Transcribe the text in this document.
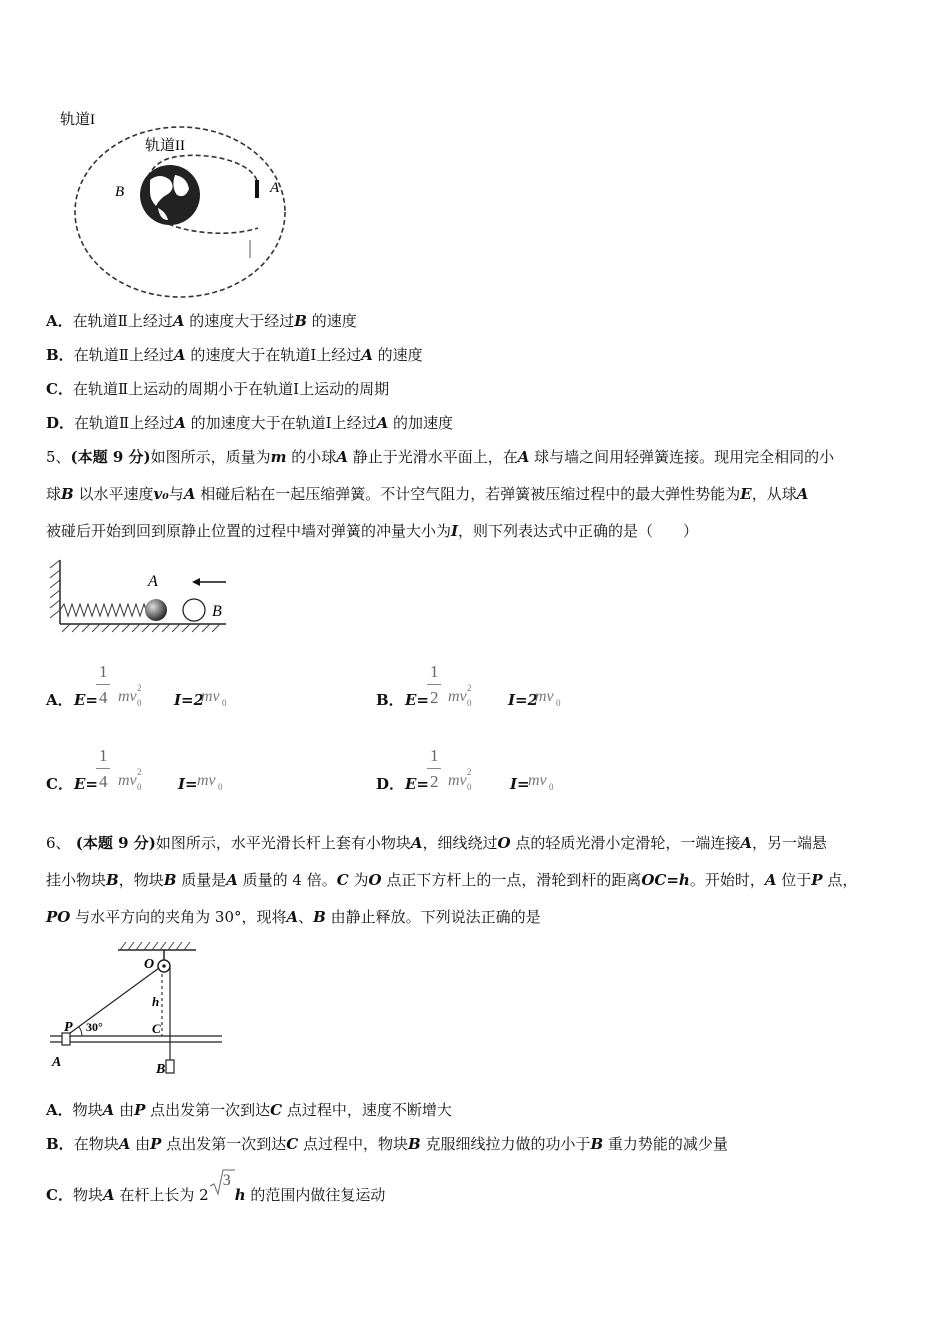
轨道I
轨道II
B	A
A．在轨道Ⅱ上经过A 的速度大于经过B 的速度
B．在轨道Ⅱ上经过A 的速度大于在轨道Ⅰ上经过A 的速度
C．在轨道Ⅱ上运动的周期小于在轨道Ⅰ上运动的周期
D．在轨道Ⅱ上经过A 的加速度大于在轨道Ⅰ上经过A 的加速度
5、(本题 9 分)如图所示，质量为m 的小球A 静止于光滑水平面上，在A 球与墙之间用轻弹簧连接。现用完全相同的小
球B 以水平速度v₀与A 相碰后粘在一起压缩弹簧。不计空气阻力，若弹簧被压缩过程中的最大弹性势能为E，从球A
被碰后开始到回到原静止位置的过程中墙对弹簧的冲量大小为I，则下列表达式中正确的是（　　）
A
B
A． E=
1
4 mv 2
0 I=2
mv 0	B． E=
1
2 mv 2
0 I=2
mv 0
C． E=
1
4 mv 2
0 I= mv 0	D． E=
1
2 mv 2
0	I=
mv 0
6、 (本题 9 分)如图所示，水平光滑长杆上套有小物块A，细线绕过O 点的轻质光滑小定滑轮，一端连接A，另一端悬
挂小物块B，物块B 质量是A 质量的 4 倍。C 为O 点正下方杆上的一点，滑轮到杆的距离OC=h。开始时，A 位于P 点，
PO 与水平方向的夹角为 30°，现将A、B 由静止释放。下列说法正确的是
O
h
P 30°	C
A	B
A．物块A 由P 点出发第一次到达C 点过程中，速度不断增大
B．在物块A 由P 点出发第一次到达C 点过程中，物块B 克服细线拉力做的功小于B 重力势能的减少量
C．物块A 在杆上长为 2
3
h 的范围内做往复运动
